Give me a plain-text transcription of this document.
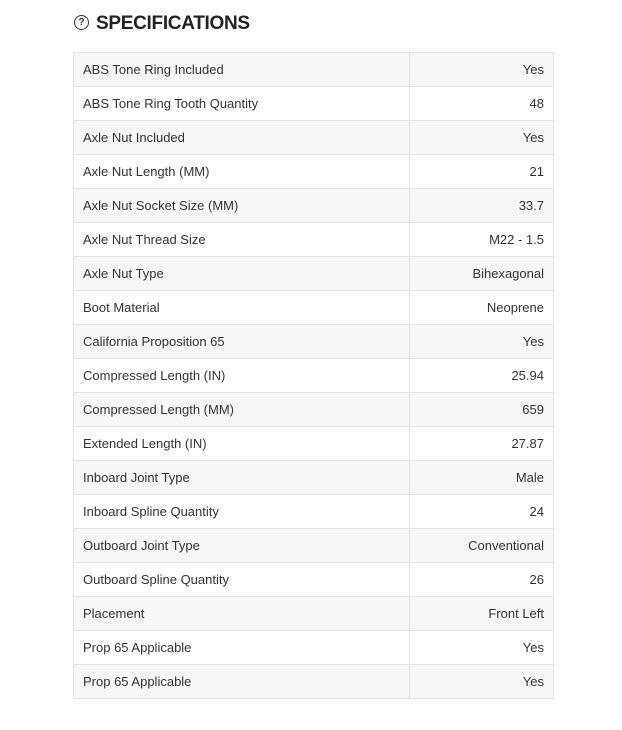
? SPECIFICATIONS
ABS Tone Ring Included	Yes
ABS Tone Ring Tooth Quantity	48
Axle Nut Included	Yes
Axle Nut Length (MM)	21
Axle Nut Socket Size (MM)	33.7
Axle Nut Thread Size	M22 - 1.5
Axle Nut Type	Bihexagonal
Boot Material	Neoprene
California Proposition 65	Yes
Compressed Length (IN)	25.94
Compressed Length (MM)	659
Extended Length (IN)	27.87
Inboard Joint Type	Male
Inboard Spline Quantity	24
Outboard Joint Type	Conventional
Outboard Spline Quantity	26
Placement	Front Left
Prop 65 Applicable	Yes
Prop 65 Applicable	Yes
